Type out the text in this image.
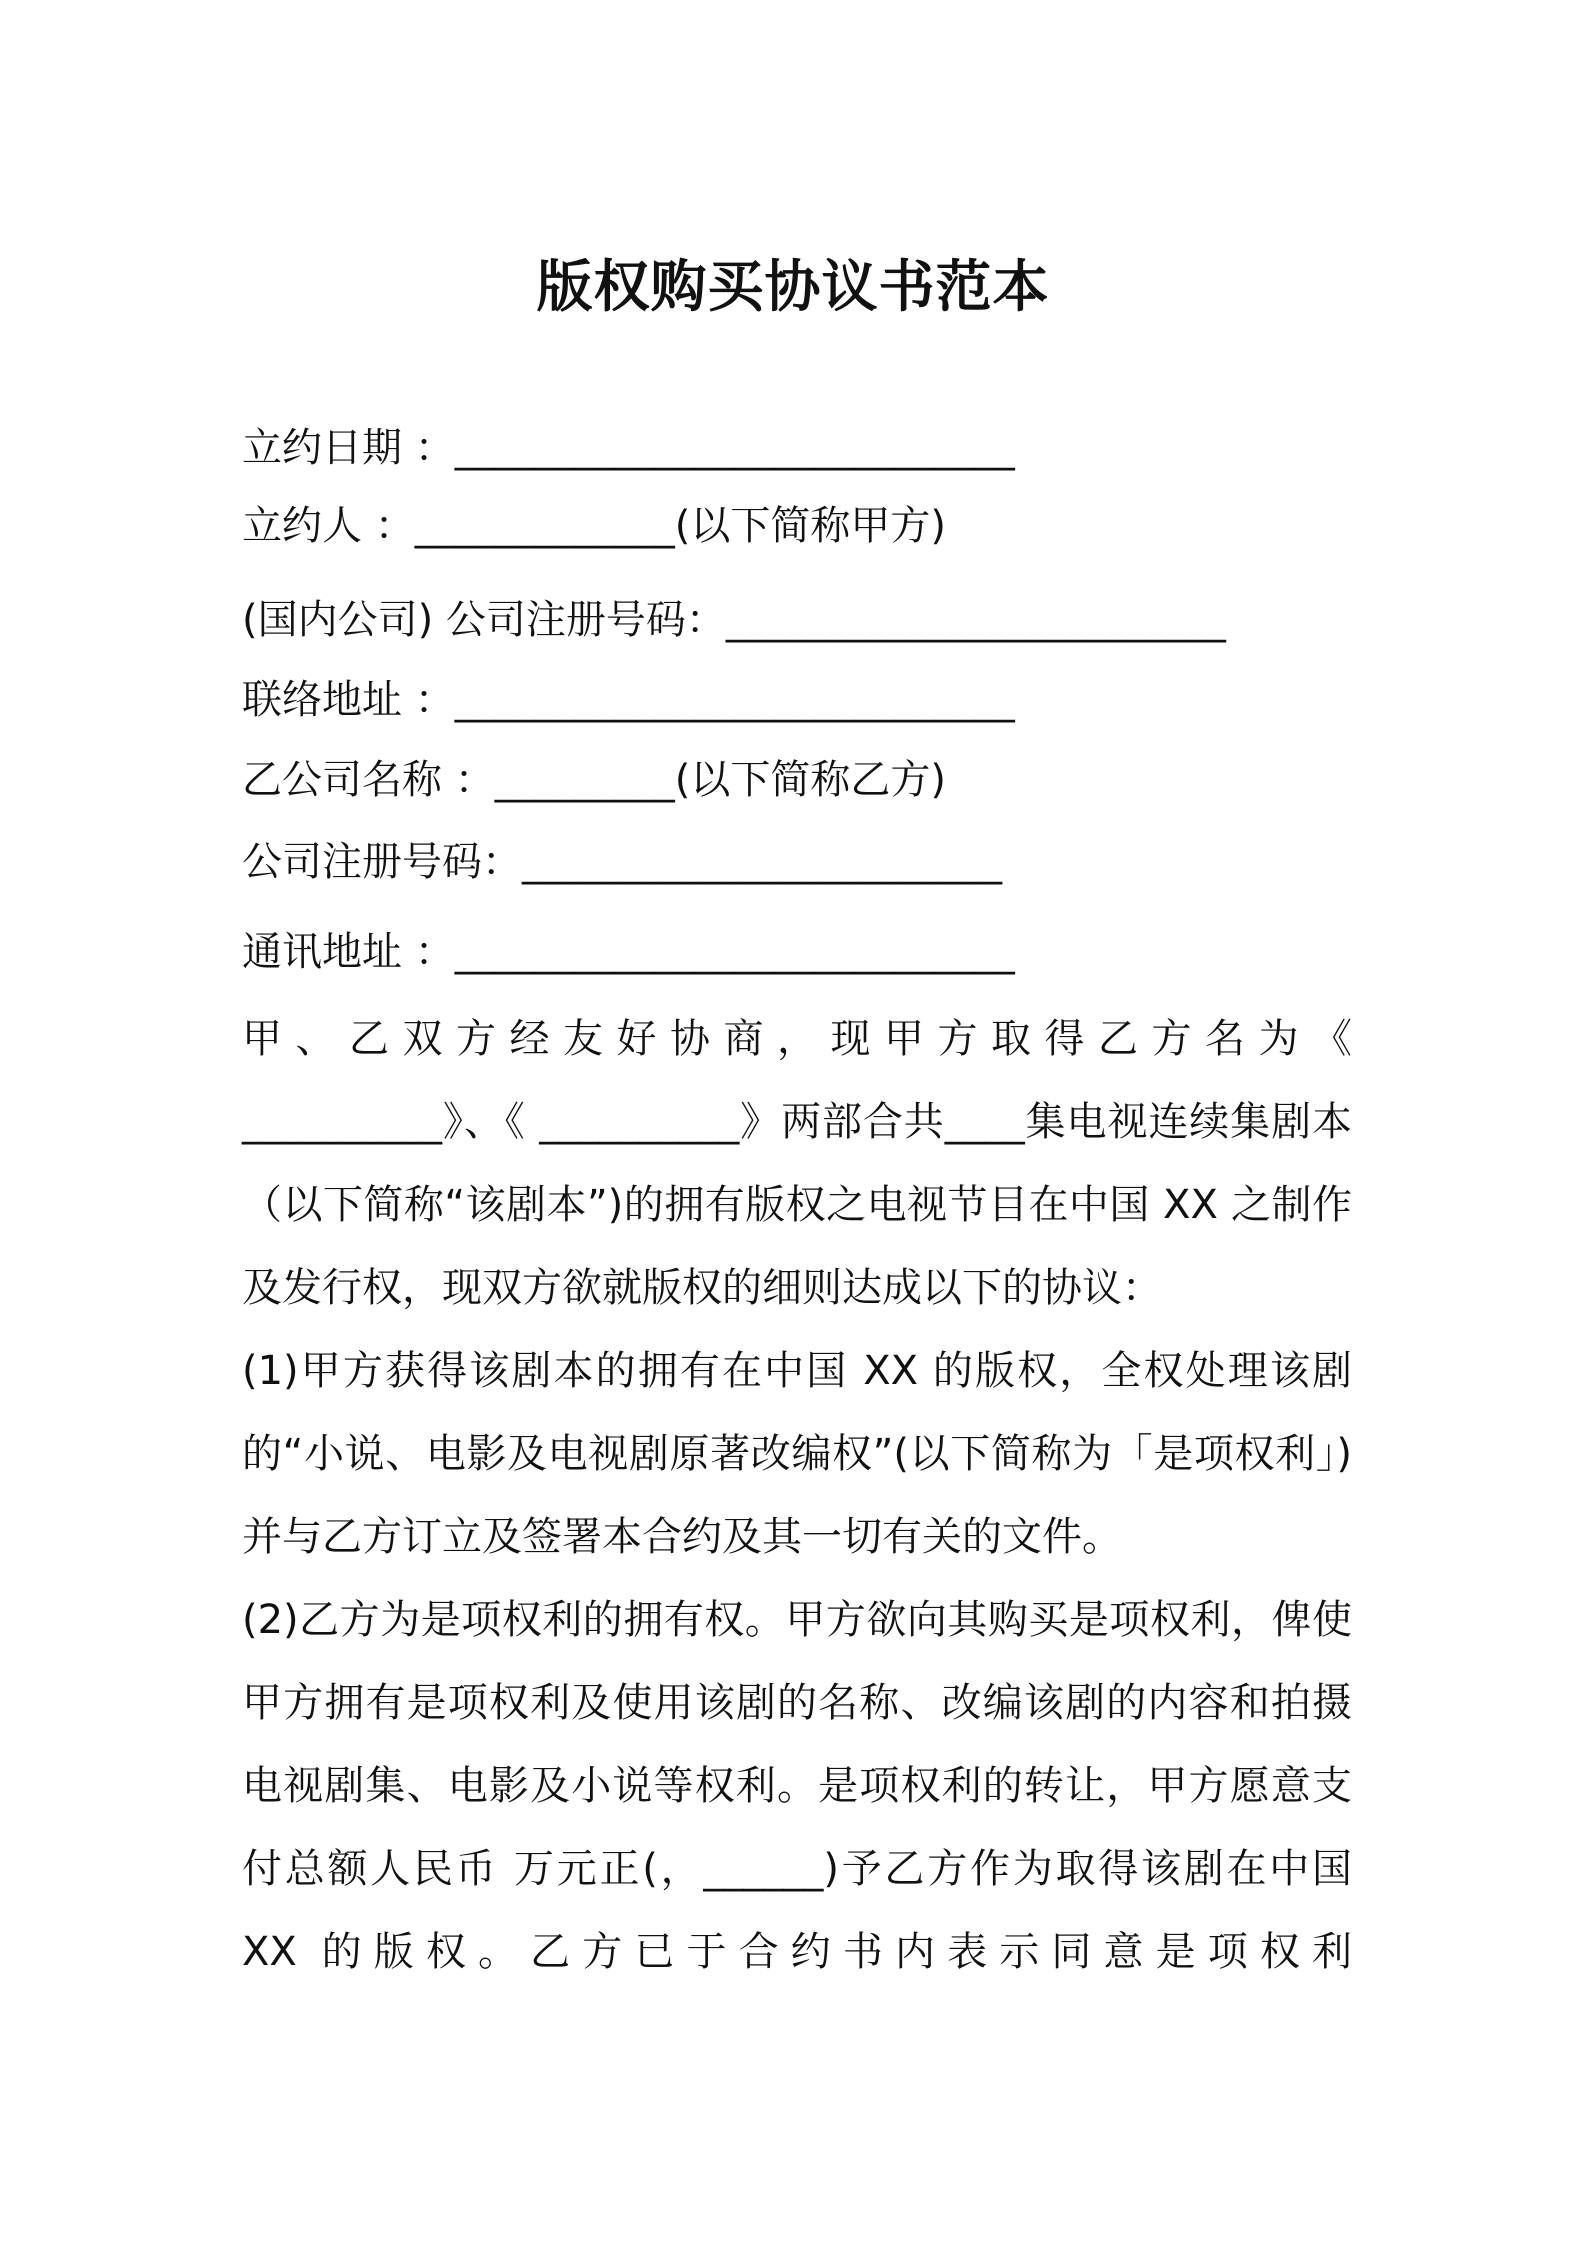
版权购买协议书范本
立约日期 ：____________________________
立约人 ：_____________(以下简称甲方)
(国内公司) 公司注册号码：_________________________
联络地址 ：____________________________
乙公司名称 ：_________(以下简称乙方)
公司注册号码：________________________
通讯地址 ：____________________________

甲、乙双方经友好协商，现甲方取得乙方名为《 __________》、《 __________》两部合共____集电视连续集剧本（以下简称“该剧本”)的拥有版权之电视节目在中国 XX 之制作及发行权，现双方欲就版权的细则达成以下的协议：

(1)甲方获得该剧本的拥有在中国 XX 的版权，全权处理该剧的“小说、电影及电视剧原著改编权”(以下简称为「是项权利」)并与乙方订立及签署本合约及其一切有关的文件。

(2)乙方为是项权利的拥有权。甲方欲向其购买是项权利，俾使甲方拥有是项权利及使用该剧的名称、改编该剧的内容和拍摄电视剧集、电影及小说等权利。是项权利的转让，甲方愿意支付总额人民币 万元正(，______)予乙方作为取得该剧在中国 XX 的版权。乙方已于合约书内表示同意是项权利
